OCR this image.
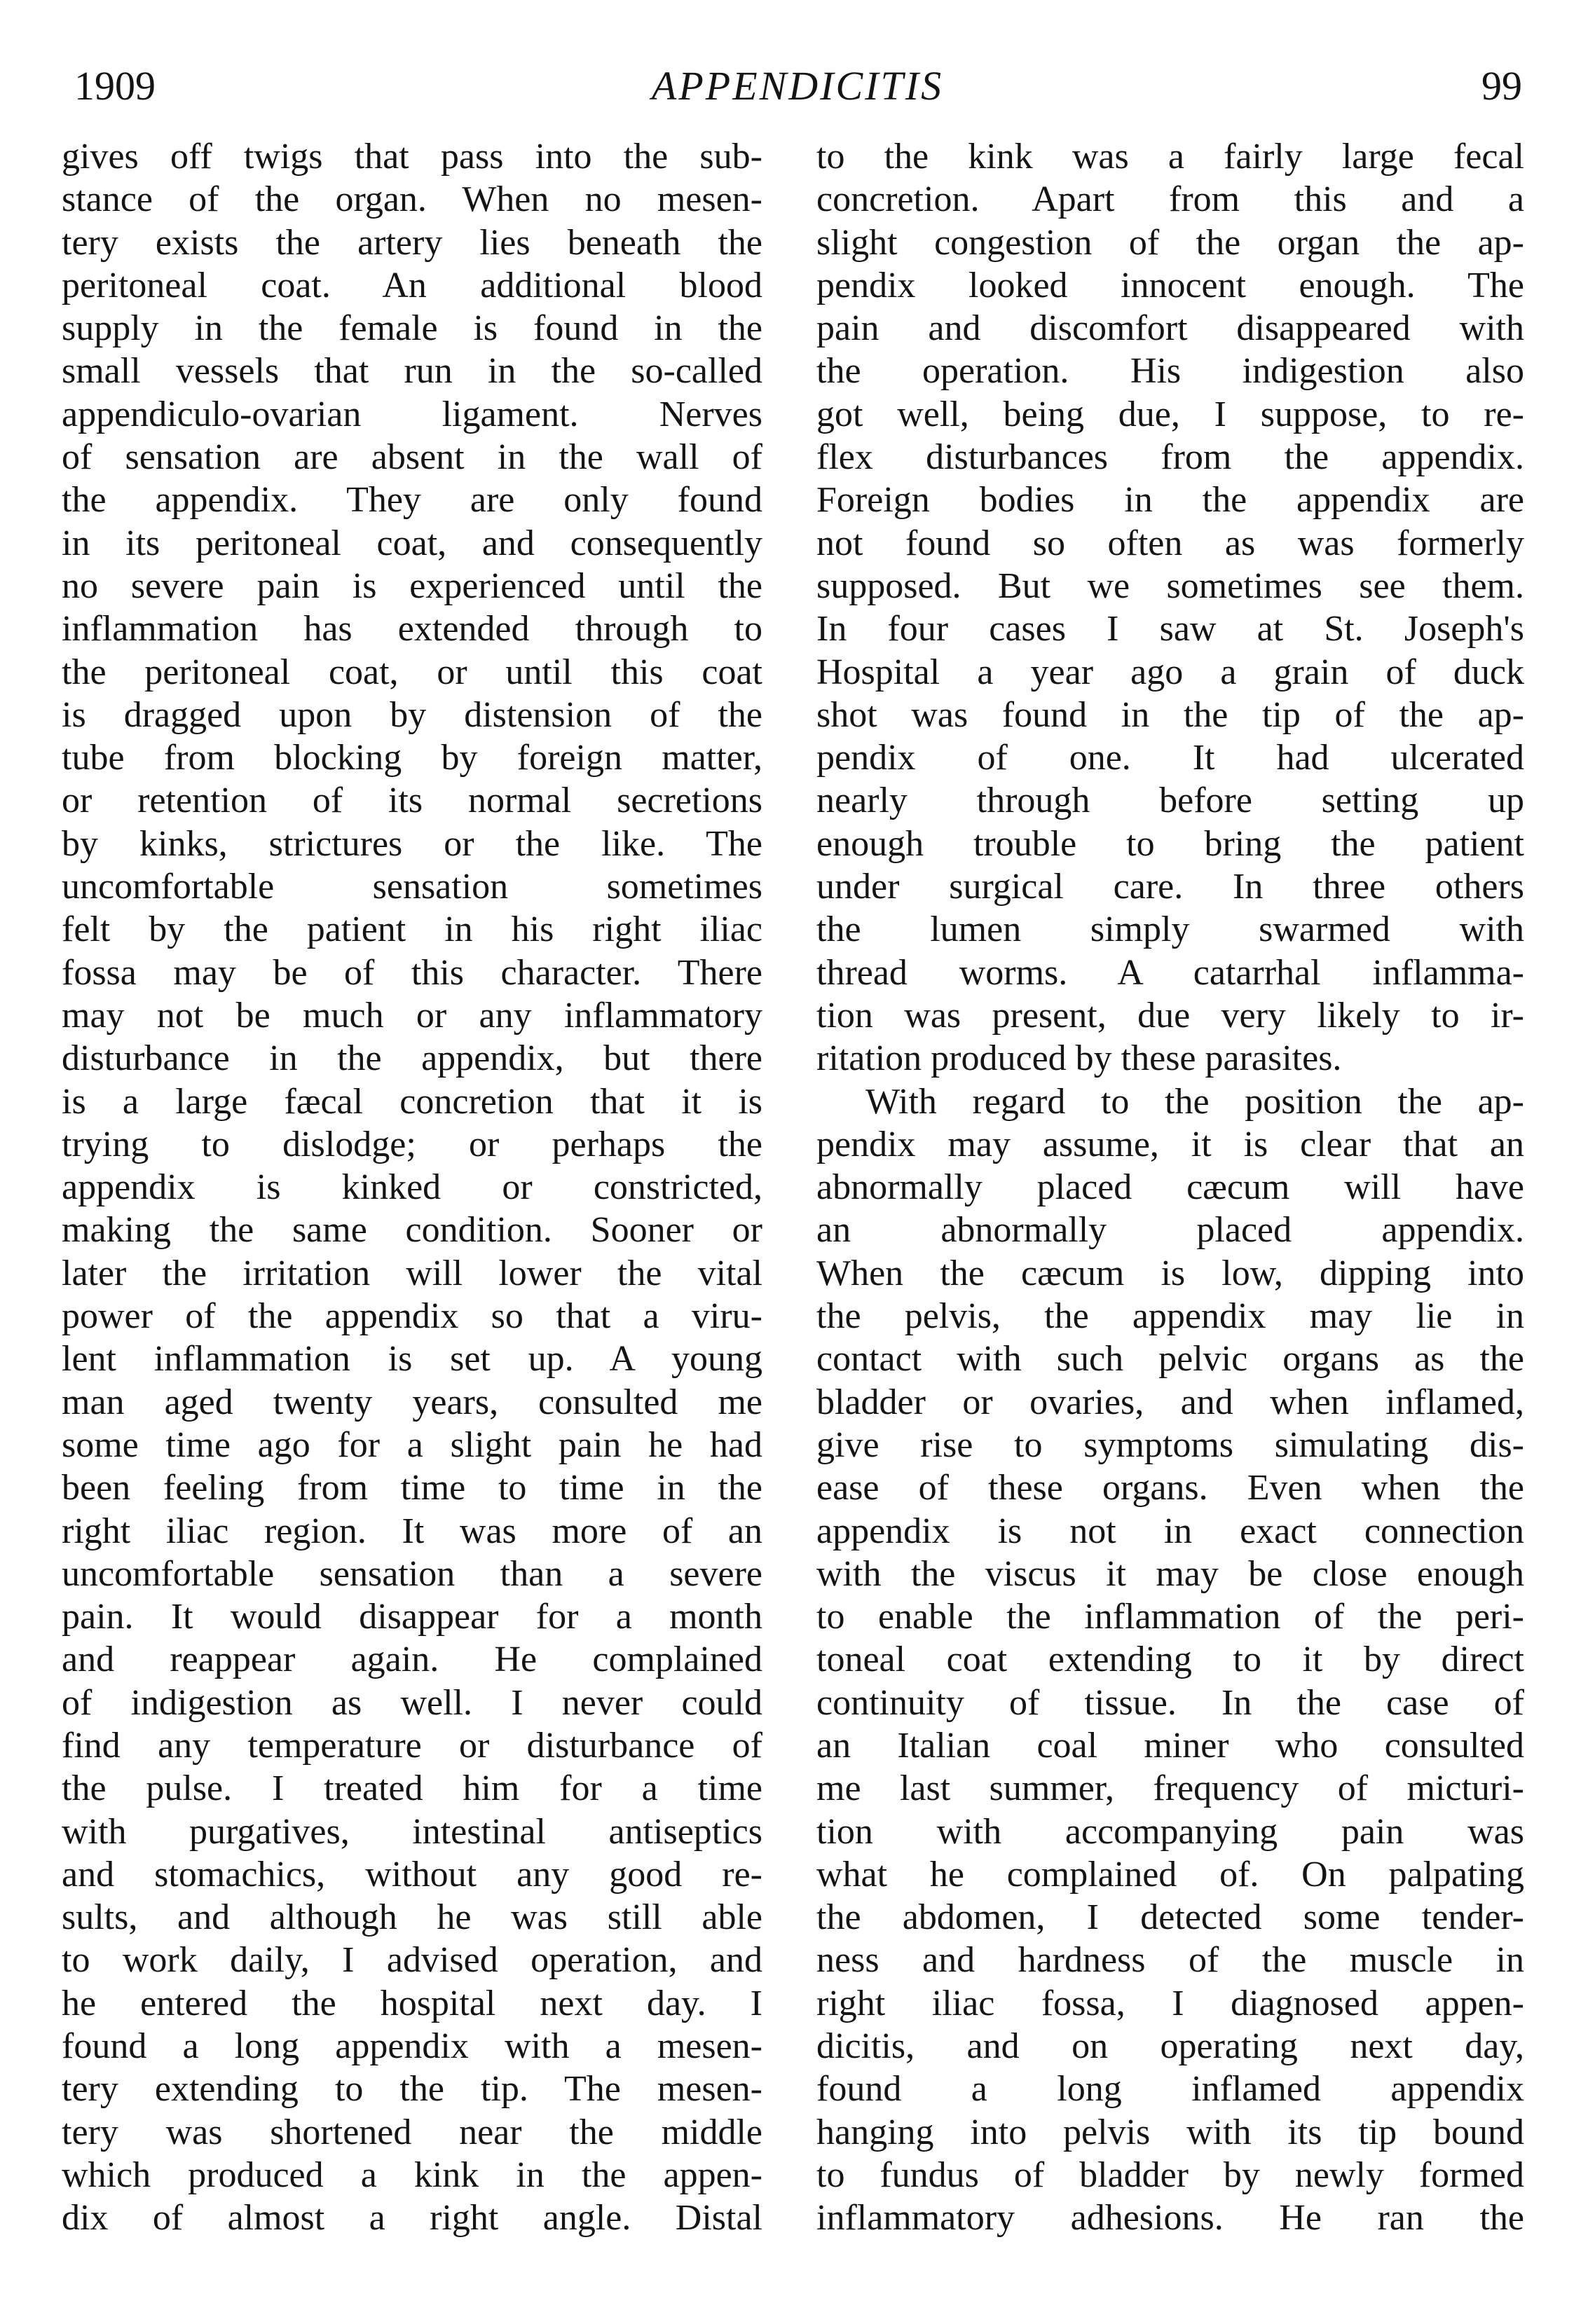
APPENDICITIS
1909	99
gives off twigs that pass into the sub-
stance of the organ. When no mesen-
tery exists the artery lies beneath the
peritoneal coat. An additional blood
supply in the female is found in the
small vessels that run in the so-called
appendiculo-ovarian ligament. Nerves
of sensation are absent in the wall of
the appendix. They are only found
in its peritoneal coat, and consequently
no severe pain is experienced until the
inflammation has extended through to
the peritoneal coat, or until this coat
is dragged upon by distension of the
tube from blocking by foreign matter,
or retention of its normal secretions
by kinks, strictures or the like. The
uncomfortable sensation sometimes
felt by the patient in his right iliac
fossa may be of this character. There
may not be much or any inflammatory
disturbance in the appendix, but there
is a large fæcal concretion that it is
trying to dislodge; or perhaps the
appendix is kinked or constricted,
making the same condition. Sooner or
later the irritation will lower the vital
power of the appendix so that a viru-
lent inflammation is set up. A young
man aged twenty years, consulted me
some time ago for a slight pain he had
been feeling from time to time in the
right iliac region. It was more of an
uncomfortable sensation than a severe
pain. It would disappear for a month
and reappear again. He complained
of indigestion as well. I never could
find any temperature or disturbance of
the pulse. I treated him for a time
with purgatives, intestinal antiseptics
and stomachics, without any good re-
sults, and although he was still able
to work daily, I advised operation, and
he entered the hospital next day. I
found a long appendix with a mesen-
tery extending to the tip. The mesen-
tery was shortened near the middle
which produced a kink in the appen-
dix of almost a right angle. Distal
to the kink was a fairly large fecal
concretion. Apart from this and a
slight congestion of the organ the ap-
pendix looked innocent enough. The
pain and discomfort disappeared with
the operation. His indigestion also
got well, being due, I suppose, to re-
flex disturbances from the appendix.
Foreign bodies in the appendix are
not found so often as was formerly
supposed. But we sometimes see them.
In four cases I saw at St. Joseph's
Hospital a year ago a grain of duck
shot was found in the tip of the ap-
pendix of one. It had ulcerated
nearly through before setting up
enough trouble to bring the patient
under surgical care. In three others
the lumen simply swarmed with
thread worms. A catarrhal inflamma-
tion was present, due very likely to ir-
ritation produced by these parasites.
With regard to the position the ap-
pendix may assume, it is clear that an
abnormally placed cæcum will have
an abnormally placed appendix.
When the cæcum is low, dipping into
the pelvis, the appendix may lie in
contact with such pelvic organs as the
bladder or ovaries, and when inflamed,
give rise to symptoms simulating dis-
ease of these organs. Even when the
appendix is not in exact connection
with the viscus it may be close enough
to enable the inflammation of the peri-
toneal coat extending to it by direct
continuity of tissue. In the case of
an Italian coal miner who consulted
me last summer, frequency of micturi-
tion with accompanying pain was
what he complained of. On palpating
the abdomen, I detected some tender-
ness and hardness of the muscle in
right iliac fossa, I diagnosed appen-
dicitis, and on operating next day,
found a long inflamed appendix
hanging into pelvis with its tip bound
to fundus of bladder by newly formed
inflammatory adhesions. He ran the
